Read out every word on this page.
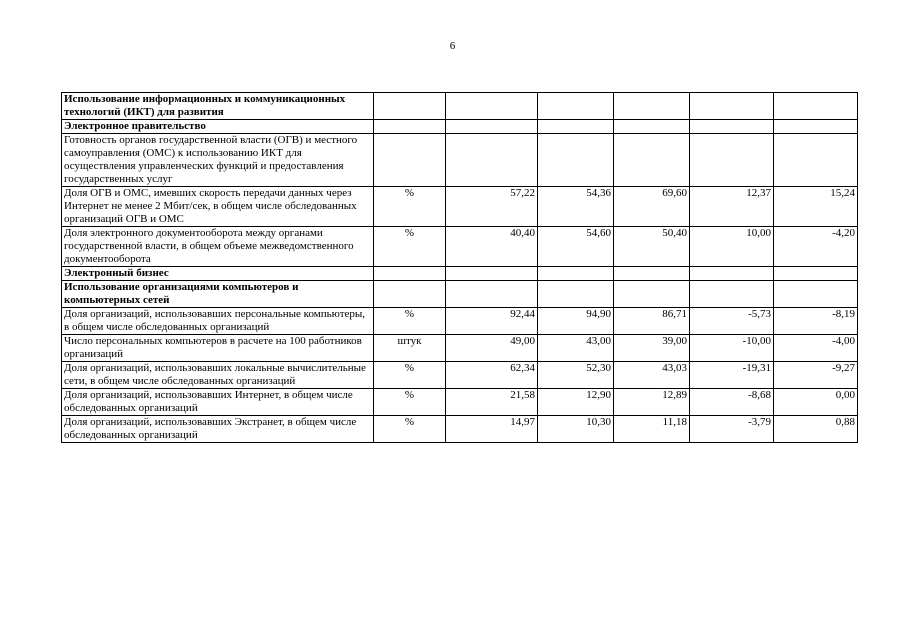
6
Использование информационных и коммуникационных технологий (ИКТ) для развития						
Электронное правительство						
Готовность органов государственной власти (ОГВ) и местного самоуправления (ОМС) к использованию ИКТ для осуществления управленческих функций и предоставления государственных услуг						
Доля ОГВ и ОМС, имевших скорость передачи данных через Интернет не менее 2 Мбит/сек, в общем числе обследованных организаций ОГВ и ОМС	%	57,22	54,36	69,60	12,37	15,24
Доля электронного документооборота между органами государственной власти, в общем объеме межведомственного документооборота	%	40,40	54,60	50,40	10,00	-4,20
Электронный бизнес						
Использование организациями компьютеров и компьютерных сетей						
Доля организаций, использовавших персональные компьютеры, в общем числе обследованных организаций	%	92,44	94,90	86,71	-5,73	-8,19
Число персональных компьютеров в расчете на 100 работников организаций	штук	49,00	43,00	39,00	-10,00	-4,00
Доля организаций, использовавших локальные вычислительные сети, в общем числе обследованных организаций	%	62,34	52,30	43,03	-19,31	-9,27
Доля организаций, использовавших Интернет, в общем числе обследованных организаций	%	21,58	12,90	12,89	-8,68	0,00
Доля организаций, использовавших Экстранет, в общем числе обследованных организаций	%	14,97	10,30	11,18	-3,79	0,88
